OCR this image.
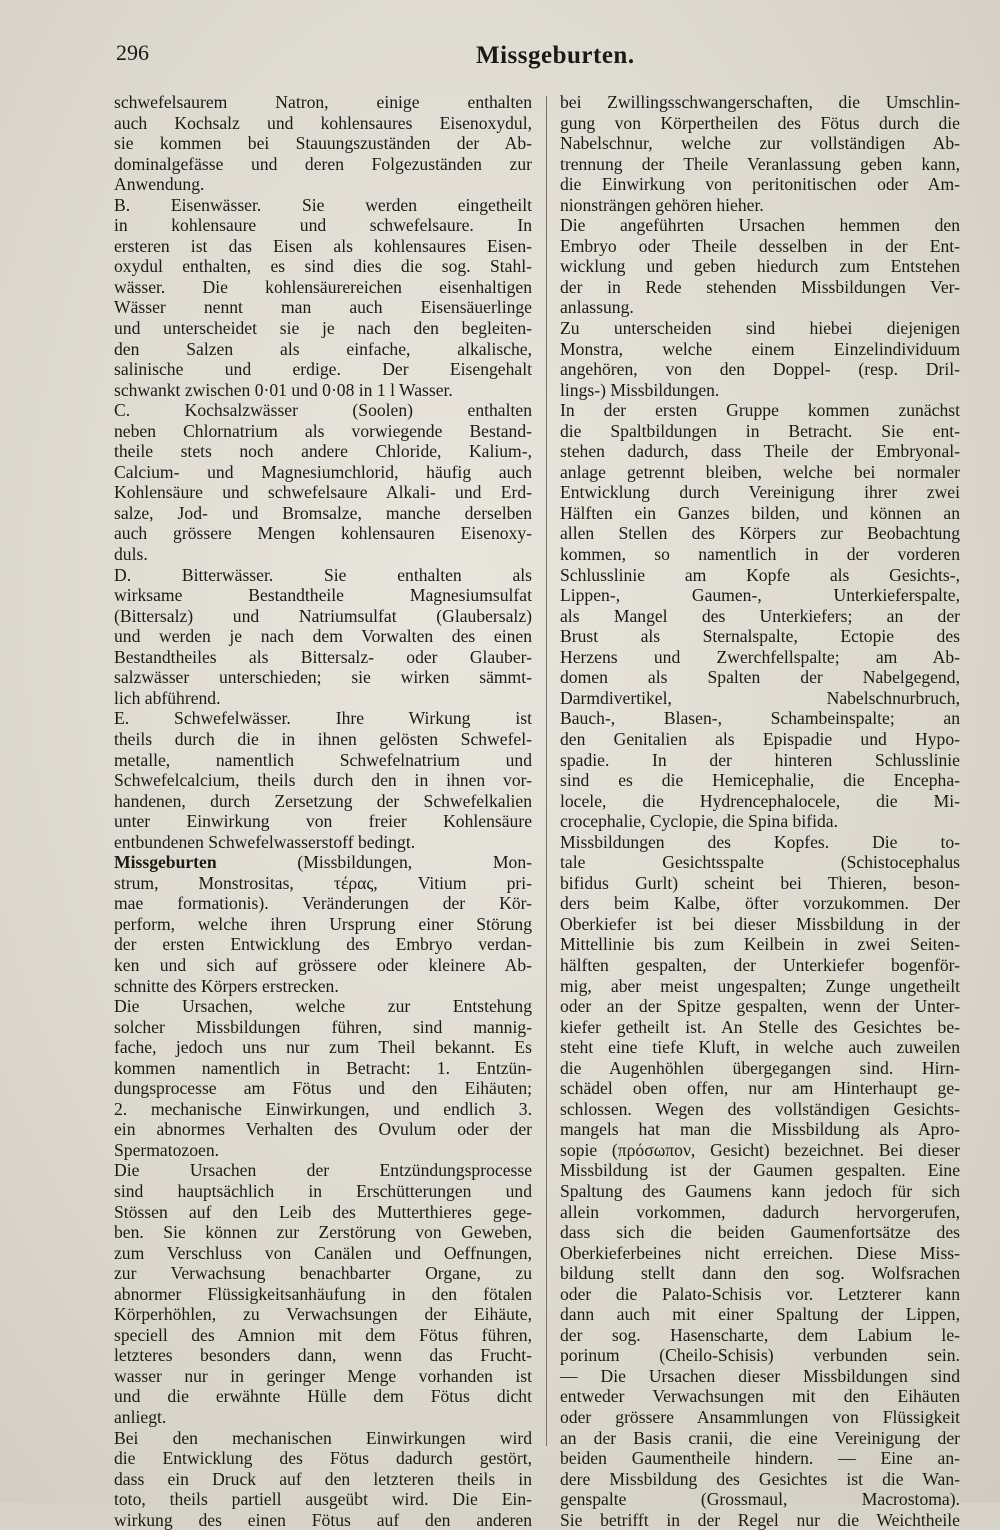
296	Missgeburten.
schwefelsaurem Natron, einige enthalten
auch Kochsalz und kohlensaures Eisenoxydul,
sie kommen bei Stauungszuständen der Ab-
dominalgefässe und deren Folgezuständen zur
Anwendung.
B. Eisenwässer. Sie werden eingetheilt
in kohlensaure und schwefelsaure. In
ersteren ist das Eisen als kohlensaures Eisen-
oxydul enthalten, es sind dies die sog. Stahl-
wässer. Die kohlensäurereichen eisenhaltigen
Wässer nennt man auch Eisensäuerlinge
und unterscheidet sie je nach den begleiten-
den Salzen als einfache, alkalische,
salinische und erdige. Der Eisengehalt
schwankt zwischen 0·01 und 0·08 in 1 l Wasser.
C. Kochsalzwässer (Soolen) enthalten
neben Chlornatrium als vorwiegende Bestand-
theile stets noch andere Chloride, Kalium-,
Calcium- und Magnesiumchlorid, häufig auch
Kohlensäure und schwefelsaure Alkali- und Erd-
salze, Jod- und Bromsalze, manche derselben
auch grössere Mengen kohlensauren Eisenoxy-
duls.
D. Bitterwässer. Sie enthalten als
wirksame Bestandtheile Magnesiumsulfat
(Bittersalz) und Natriumsulfat (Glaubersalz)
und werden je nach dem Vorwalten des einen
Bestandtheiles als Bittersalz- oder Glauber-
salzwässer unterschieden; sie wirken sämmt-
lich abführend.
E. Schwefelwässer. Ihre Wirkung ist
theils durch die in ihnen gelösten Schwefel-
metalle, namentlich Schwefelnatrium und
Schwefelcalcium, theils durch den in ihnen vor-
handenen, durch Zersetzung der Schwefelkalien
unter Einwirkung von freier Kohlensäure
entbundenen Schwefelwasserstoff bedingt.
Missgeburten (Missbildungen, Mon-
strum, Monstrositas, τέρας, Vitium pri-
mae formationis). Veränderungen der Kör-
perform, welche ihren Ursprung einer Störung
der ersten Entwicklung des Embryo verdan-
ken und sich auf grössere oder kleinere Ab-
schnitte des Körpers erstrecken.
Die Ursachen, welche zur Entstehung
solcher Missbildungen führen, sind mannig-
fache, jedoch uns nur zum Theil bekannt. Es
kommen namentlich in Betracht: 1. Entzün-
dungsprocesse am Fötus und den Eihäuten;
2. mechanische Einwirkungen, und endlich 3.
ein abnormes Verhalten des Ovulum oder der
Spermatozoen.
Die Ursachen der Entzündungsprocesse
sind hauptsächlich in Erschütterungen und
Stössen auf den Leib des Mutterthieres gege-
ben. Sie können zur Zerstörung von Geweben,
zum Verschluss von Canälen und Oeffnungen,
zur Verwachsung benachbarter Organe, zu
abnormer Flüssigkeitsanhäufung in den fötalen
Körperhöhlen, zu Verwachsungen der Eihäute,
speciell des Amnion mit dem Fötus führen,
letzteres besonders dann, wenn das Frucht-
wasser nur in geringer Menge vorhanden ist
und die erwähnte Hülle dem Fötus dicht
anliegt.
Bei den mechanischen Einwirkungen wird
die Entwicklung des Fötus dadurch gestört,
dass ein Druck auf den letzteren theils in
toto, theils partiell ausgeübt wird. Die Ein-
wirkung des einen Fötus auf den anderen
bei Zwillingsschwangerschaften, die Umschlin-
gung von Körpertheilen des Fötus durch die
Nabelschnur, welche zur vollständigen Ab-
trennung der Theile Veranlassung geben kann,
die Einwirkung von peritonitischen oder Am-
nionsträngen gehören hieher.
Die angeführten Ursachen hemmen den
Embryo oder Theile desselben in der Ent-
wicklung und geben hiedurch zum Entstehen
der in Rede stehenden Missbildungen Ver-
anlassung.
Zu unterscheiden sind hiebei diejenigen
Monstra, welche einem Einzelindividuum
angehören, von den Doppel- (resp. Dril-
lings-) Missbildungen.
In der ersten Gruppe kommen zunächst
die Spaltbildungen in Betracht. Sie ent-
stehen dadurch, dass Theile der Embryonal-
anlage getrennt bleiben, welche bei normaler
Entwicklung durch Vereinigung ihrer zwei
Hälften ein Ganzes bilden, und können an
allen Stellen des Körpers zur Beobachtung
kommen, so namentlich in der vorderen
Schlusslinie am Kopfe als Gesichts-,
Lippen-, Gaumen-, Unterkieferspalte,
als Mangel des Unterkiefers; an der
Brust als Sternalspalte, Ectopie des
Herzens und Zwerchfellspalte; am Ab-
domen als Spalten der Nabelgegend,
Darmdivertikel, Nabelschnurbruch,
Bauch-, Blasen-, Schambeinspalte; an
den Genitalien als Epispadie und Hypo-
spadie. In der hinteren Schlusslinie
sind es die Hemicephalie, die Encepha-
locele, die Hydrencephalocele, die Mi-
crocephalie, Cyclopie, die Spina bifida.
Missbildungen des Kopfes. Die to-
tale Gesichtsspalte (Schistocephalus
bifidus Gurlt) scheint bei Thieren, beson-
ders beim Kalbe, öfter vorzukommen. Der
Oberkiefer ist bei dieser Missbildung in der
Mittellinie bis zum Keilbein in zwei Seiten-
hälften gespalten, der Unterkiefer bogenför-
mig, aber meist ungespalten; Zunge ungetheilt
oder an der Spitze gespalten, wenn der Unter-
kiefer getheilt ist. An Stelle des Gesichtes be-
steht eine tiefe Kluft, in welche auch zuweilen
die Augenhöhlen übergegangen sind. Hirn-
schädel oben offen, nur am Hinterhaupt ge-
schlossen. Wegen des vollständigen Gesichts-
mangels hat man die Missbildung als Apro-
sopie (πρόσωπον, Gesicht) bezeichnet. Bei dieser
Missbildung ist der Gaumen gespalten. Eine
Spaltung des Gaumens kann jedoch für sich
allein vorkommen, dadurch hervorgerufen,
dass sich die beiden Gaumenfortsätze des
Oberkieferbeines nicht erreichen. Diese Miss-
bildung stellt dann den sog. Wolfsrachen
oder die Palato-Schisis vor. Letzterer kann
dann auch mit einer Spaltung der Lippen,
der sog. Hasenscharte, dem Labium le-
porinum (Cheilo-Schisis) verbunden sein.
— Die Ursachen dieser Missbildungen sind
entweder Verwachsungen mit den Eihäuten
oder grössere Ansammlungen von Flüssigkeit
an der Basis cranii, die eine Vereinigung der
beiden Gaumentheile hindern. — Eine an-
dere Missbildung des Gesichtes ist die Wan-
genspalte (Grossmaul, Macrostoma).
Sie betrifft in der Regel nur die Weichtheile
